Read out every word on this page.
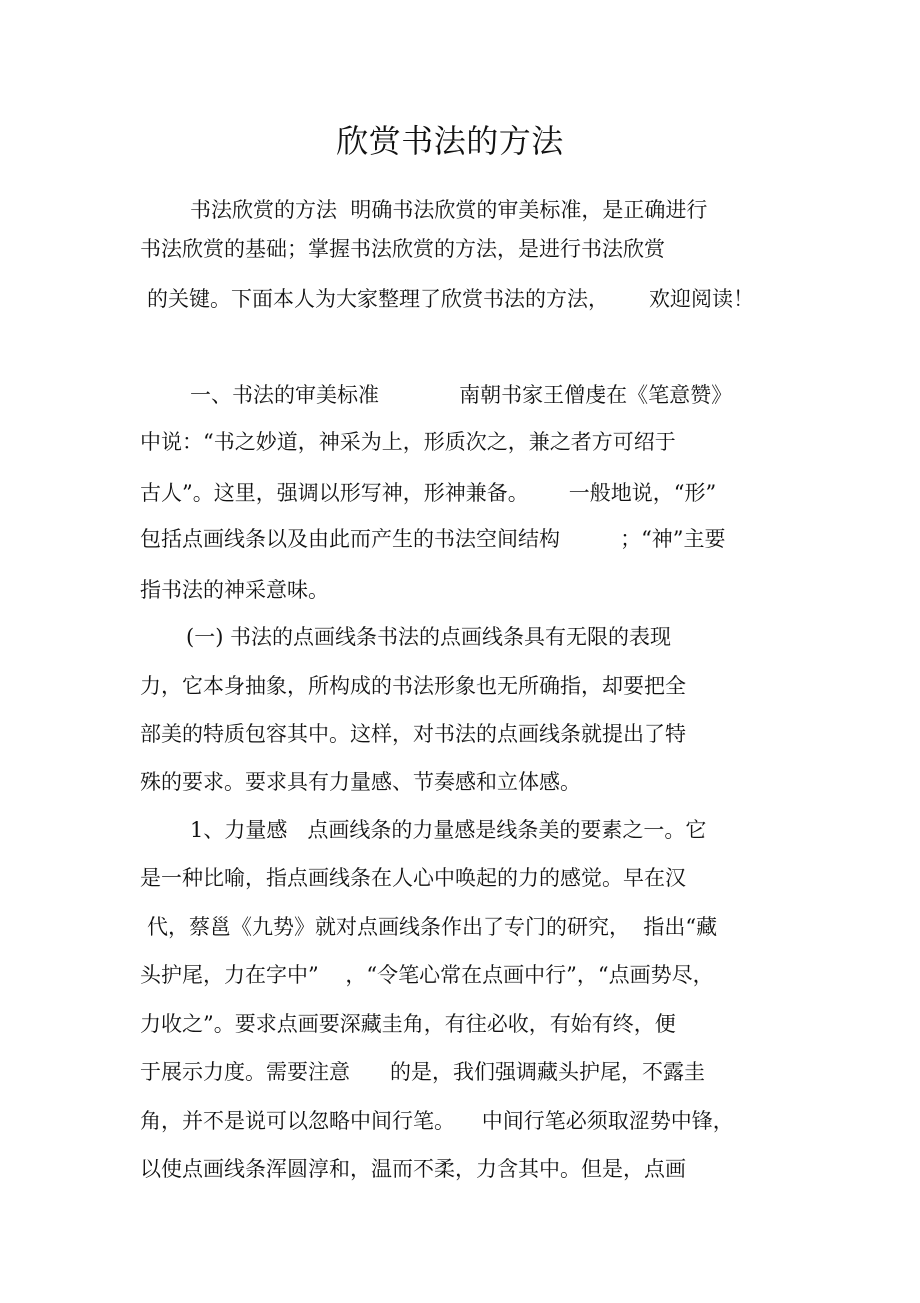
欣赏书法的方法

书法欣赏的方法  明确书法欣赏的审美标准，是正确进行

书法欣赏的基础；掌握书法欣赏的方法，是进行书法欣赏

的关键。下面本人为大家整理了欣赏书法的方法，      欢迎阅读！

一、书法的审美标准            南朝书家王僧虔在《笔意赞》

中说：“书之妙道，神采为上，形质次之，兼之者方可绍于

古人”。这里，强调以形写神，形神兼备。      一般地说，“形”

包括点画线条以及由此而产生的书法空间结构         ；“神”主要

指书法的神采意味。

(一) 书法的点画线条书法的点画线条具有无限的表现

力，它本身抽象，所构成的书法形象也无所确指，却要把全

部美的特质包容其中。这样，对书法的点画线条就提出了特

殊的要求。要求具有力量感、节奏感和立体感。

1、力量感   点画线条的力量感是线条美的要素之一。它

是一种比喻，指点画线条在人心中唤起的力的感觉。早在汉

代，蔡邕《九势》就对点画线条作出了专门的研究，  指出“藏

头护尾，力在字中”    ，“令笔心常在点画中行”，“点画势尽，

力收之”。要求点画要深藏圭角，有往必收，有始有终，便

于展示力度。需要注意      的是，我们强调藏头护尾，不露圭

角，并不是说可以忽略中间行笔。    中间行笔必须取涩势中锋，

以使点画线条浑圆淳和，温而不柔，力含其中。但是，点画
